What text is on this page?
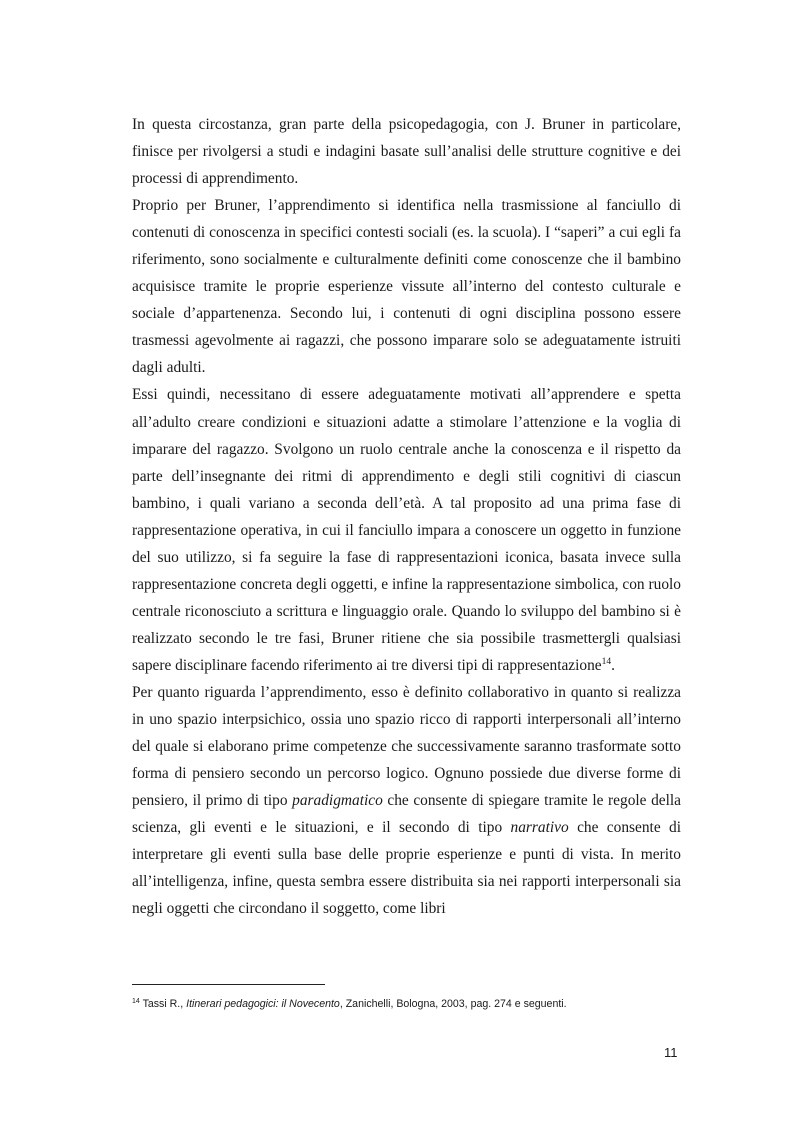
In questa circostanza, gran parte della psicopedagogia, con J. Bruner in particolare, finisce per rivolgersi a studi e indagini basate sull’analisi delle strutture cognitive e dei processi di apprendimento.

Proprio per Bruner, l’apprendimento si identifica nella trasmissione al fanciullo di contenuti di conoscenza in specifici contesti sociali (es. la scuola). I “saperi” a cui egli fa riferimento, sono socialmente e culturalmente definiti come conoscenze che il bambino acquisisce tramite le proprie esperienze vissute all’interno del contesto culturale e sociale d’appartenenza. Secondo lui, i contenuti di ogni disciplina possono essere trasmessi agevolmente ai ragazzi, che possono imparare solo se adeguatamente istruiti dagli adulti.

Essi quindi, necessitano di essere adeguatamente motivati all’apprendere e spetta all’adulto creare condizioni e situazioni adatte a stimolare l’attenzione e la voglia di imparare del ragazzo. Svolgono un ruolo centrale anche la conoscenza e il rispetto da parte dell’insegnante dei ritmi di apprendimento e degli stili cognitivi di ciascun bambino, i quali variano a seconda dell’età. A tal proposito ad una prima fase di rappresentazione operativa, in cui il fanciullo impara a conoscere un oggetto in funzione del suo utilizzo, si fa seguire la fase di rappresentazioni iconica, basata invece sulla rappresentazione concreta degli oggetti, e infine la rappresentazione simbolica, con ruolo centrale riconosciuto a scrittura e linguaggio orale. Quando lo sviluppo del bambino si è realizzato secondo le tre fasi, Bruner ritiene che sia possibile trasmettergli qualsiasi sapere disciplinare facendo riferimento ai tre diversi tipi di rappresentazione$^{14}$.

Per quanto riguarda l’apprendimento, esso è definito collaborativo in quanto si realizza in uno spazio interpsichico, ossia uno spazio ricco di rapporti interpersonali all’interno del quale si elaborano prime competenze che successivamente saranno trasformate sotto forma di pensiero secondo un percorso logico. Ognuno possiede due diverse forme di pensiero, il primo di tipo paradigmatico che consente di spiegare tramite le regole della scienza, gli eventi e le situazioni, e il secondo di tipo narrativo che consente di interpretare gli eventi sulla base delle proprie esperienze e punti di vista. In merito all’intelligenza, infine, questa sembra essere distribuita sia nei rapporti interpersonali sia negli oggetti che circondano il soggetto, come libri

$^{14}$ Tassi R., Itinerari pedagogici: il Novecento, Zanichelli, Bologna, 2003, pag. 274 e seguenti.
11
